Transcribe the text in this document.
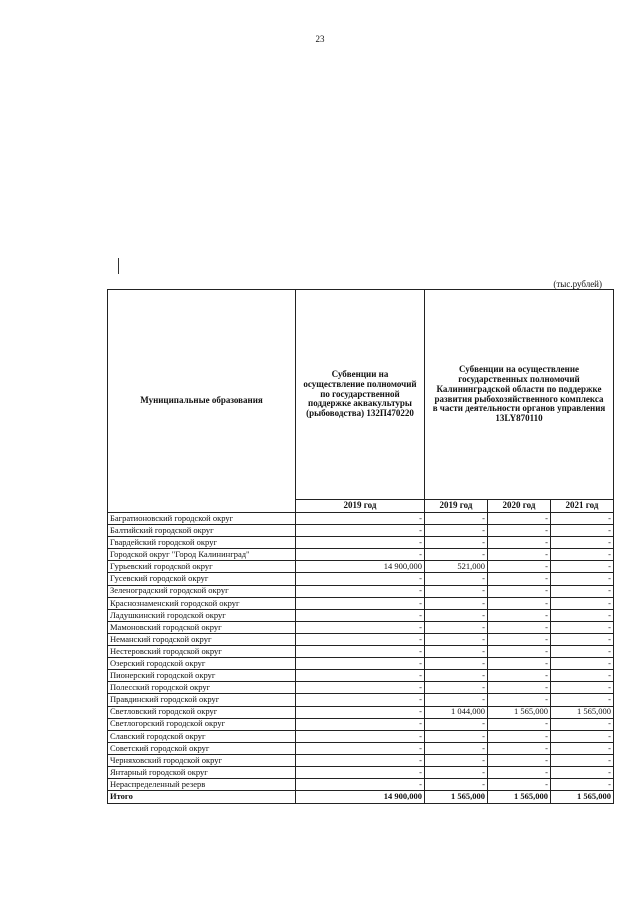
23
(тыс.рублей)
Муниципальные образования	Субвенции на осуществление полномочий по государственной поддержке аквакультуры (рыбоводства) 132П470220	Субвенции на осуществление государственных полномочий Калининградской области по поддержке развития рыбохозяйственного комплекса в части деятельности органов управления 13LY870110		
	2019 год	2019 год	2020 год	2021 год
Багратионовский городской округ	-	-	-	-
Балтийский городской округ	-	-	-	-
Гвардейский городской округ	-	-	-	-
Городской округ "Город Калининград"	-	-	-	-
Гурьевский городской округ	14 900,000	521,000	-	-
Гусевский городской округ	-	-	-	-
Зеленоградский городской округ	-	-	-	-
Краснознаменский городской округ	-	-	-	-
Ладушкинский городской округ	-	-	-	-
Мамоновский городской округ	-	-	-	-
Неманский городской округ	-	-	-	-
Нестеровский городской округ	-	-	-	-
Озерский городской округ	-	-	-	-
Пионерский городской округ	-	-	-	-
Полесский городской округ	-	-	-	-
Правдинский городской округ	-	-	-	-
Светловский городской округ	-	1 044,000	1 565,000	1 565,000
Светлогорский городской округ	-	-	-	-
Славский городской округ	-	-	-	-
Советский городской округ	-	-	-	-
Черняховский городской округ	-	-	-	-
Янтарный городской округ	-	-	-	-
Нераспределенный резерв	-	-	-	-
Итого	14 900,000	1 565,000	1 565,000	1 565,000
